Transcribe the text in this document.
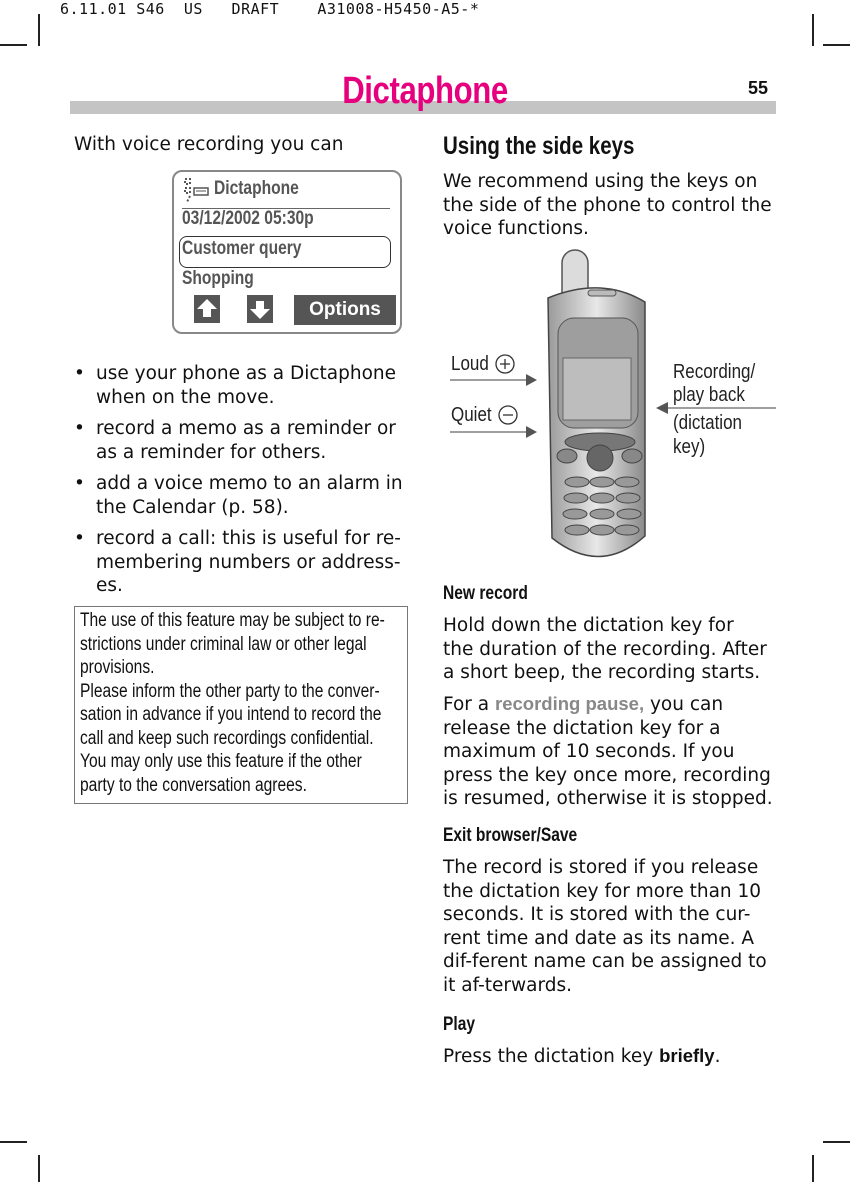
6.11.01 S46  US   DRAFT    A31008-H5450-A5-*
Dictaphone	55
With voice recording you can
Dictaphone
03/12/2002 05:30p
Customer query
Shopping
Options
• use your phone as a Dictaphone when on the move.
• record a memo as a reminder or as a reminder for others.
• add a voice memo to an alarm in the Calendar (p. 58).
• record a call: this is useful for re-membering numbers or address-es.
The use of this feature may be subject to re-
strictions under criminal law or other legal
provisions.
Please inform the other party to the conver-
sation in advance if you intend to record the
call and keep such recordings confidential.
You may only use this feature if the other
party to the conversation agrees.
Using the side keys
We recommend using the keys on the side of the phone to control the voice functions.
Loud
Quiet
Recording/
play back
(dictation
key)
New record
Hold down the dictation key for the duration of the recording. After a short beep, the recording starts.
For a recording pause, you can release the dictation key for a maximum of 10 seconds. If you press the key once more, recording is resumed, otherwise it is stopped.
Exit browser/Save
The record is stored if you release the dictation key for more than 10 seconds. It is stored with the cur-rent time and date as its name. A dif-ferent name can be assigned to it af-terwards.
Play
Press the dictation key briefly.
